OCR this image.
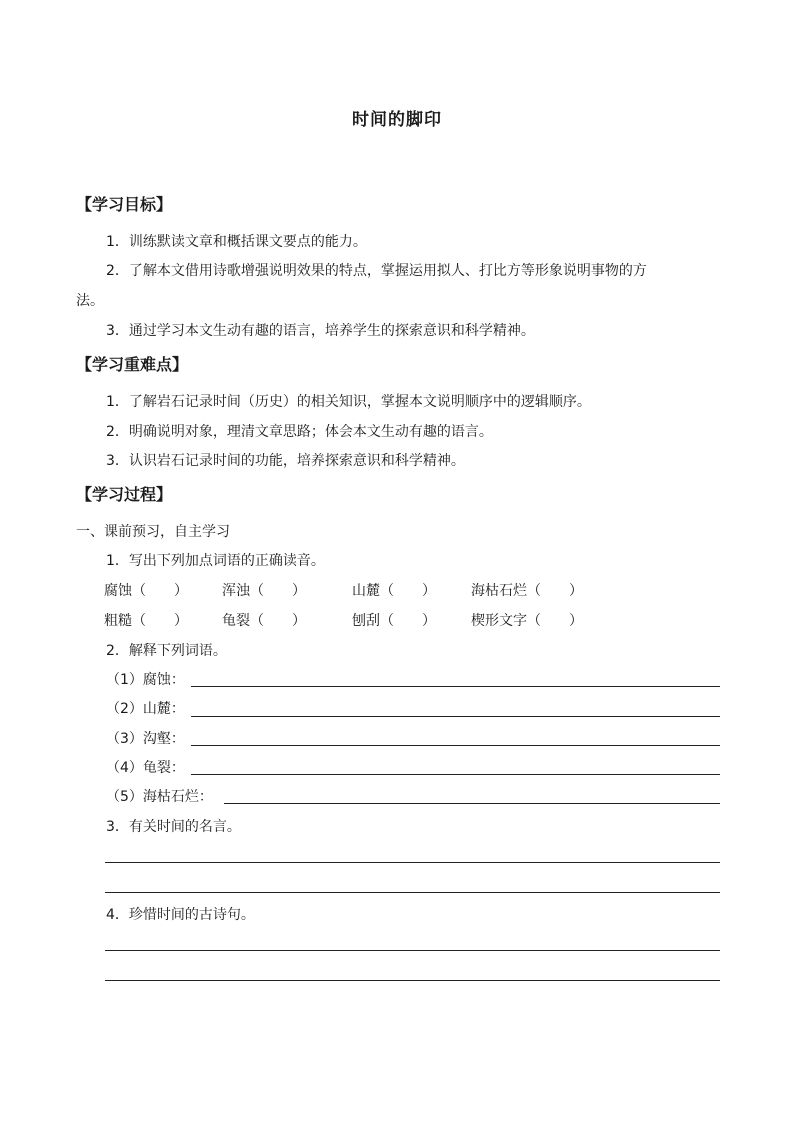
时间的脚印
【学习目标】
1．训练默读文章和概括课文要点的能力。
2．了解本文借用诗歌增强说明效果的特点，掌握运用拟人、打比方等形象说明事物的方
法。
3．通过学习本文生动有趣的语言，培养学生的探索意识和科学精神。
【学习重难点】
1．了解岩石记录时间（历史）的相关知识，掌握本文说明顺序中的逻辑顺序。
2．明确说明对象，理清文章思路；体会本文生动有趣的语言。
3．认识岩石记录时间的功能，培养探索意识和科学精神。
【学习过程】
一、课前预习，自主学习
1．写出下列加点词语的正确读音。
腐蚀（　　） 浑浊（　　）	山麓（　　）	海枯石烂（　　）
粗糙（　　） 龟裂（　　）	刨刮（　　）	楔形文字（　　）
2．解释下列词语。
（1）腐蚀：
（2）山麓：
（3）沟壑：
（4）龟裂：
（5）海枯石烂：
3．有关时间的名言。
4．珍惜时间的古诗句。
